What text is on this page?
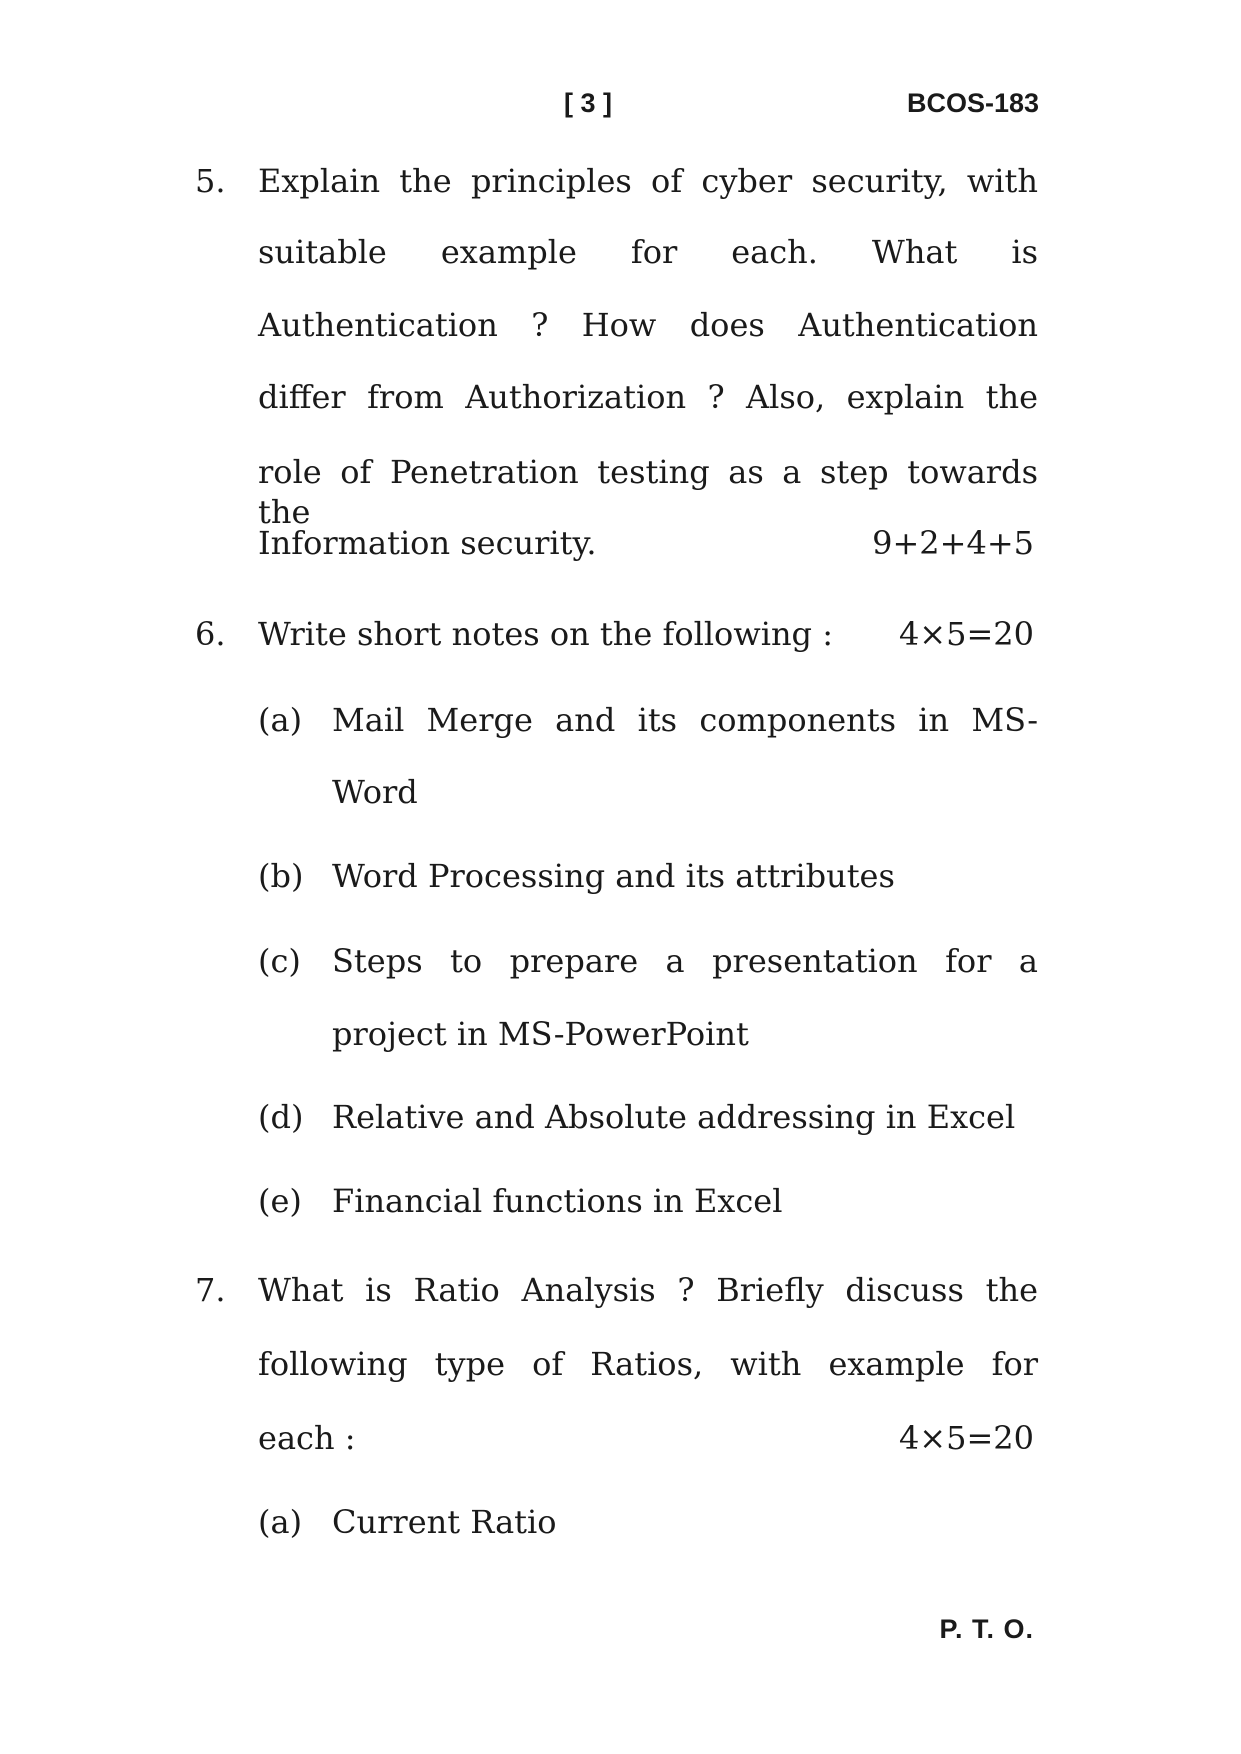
[ 3 ]	BCOS-183
5. Explain the principles of cyber security, with
suitable example for each. What is
Authentication ? How does Authentication
differ from Authorization ? Also, explain the
role of Penetration testing as a step towards the
Information security.	9+2+4+5
6. Write short notes on the following : 4×5=20
(a) Mail Merge and its components in MS-
Word
(b) Word Processing and its attributes
(c) Steps to prepare a presentation for a
project in MS-PowerPoint
(d) Relative and Absolute addressing in Excel
(e) Financial functions in Excel
7. What is Ratio Analysis ? Briefly discuss the
following type of Ratios, with example for
each :	4×5=20
(a) Current Ratio
P. T. O.
